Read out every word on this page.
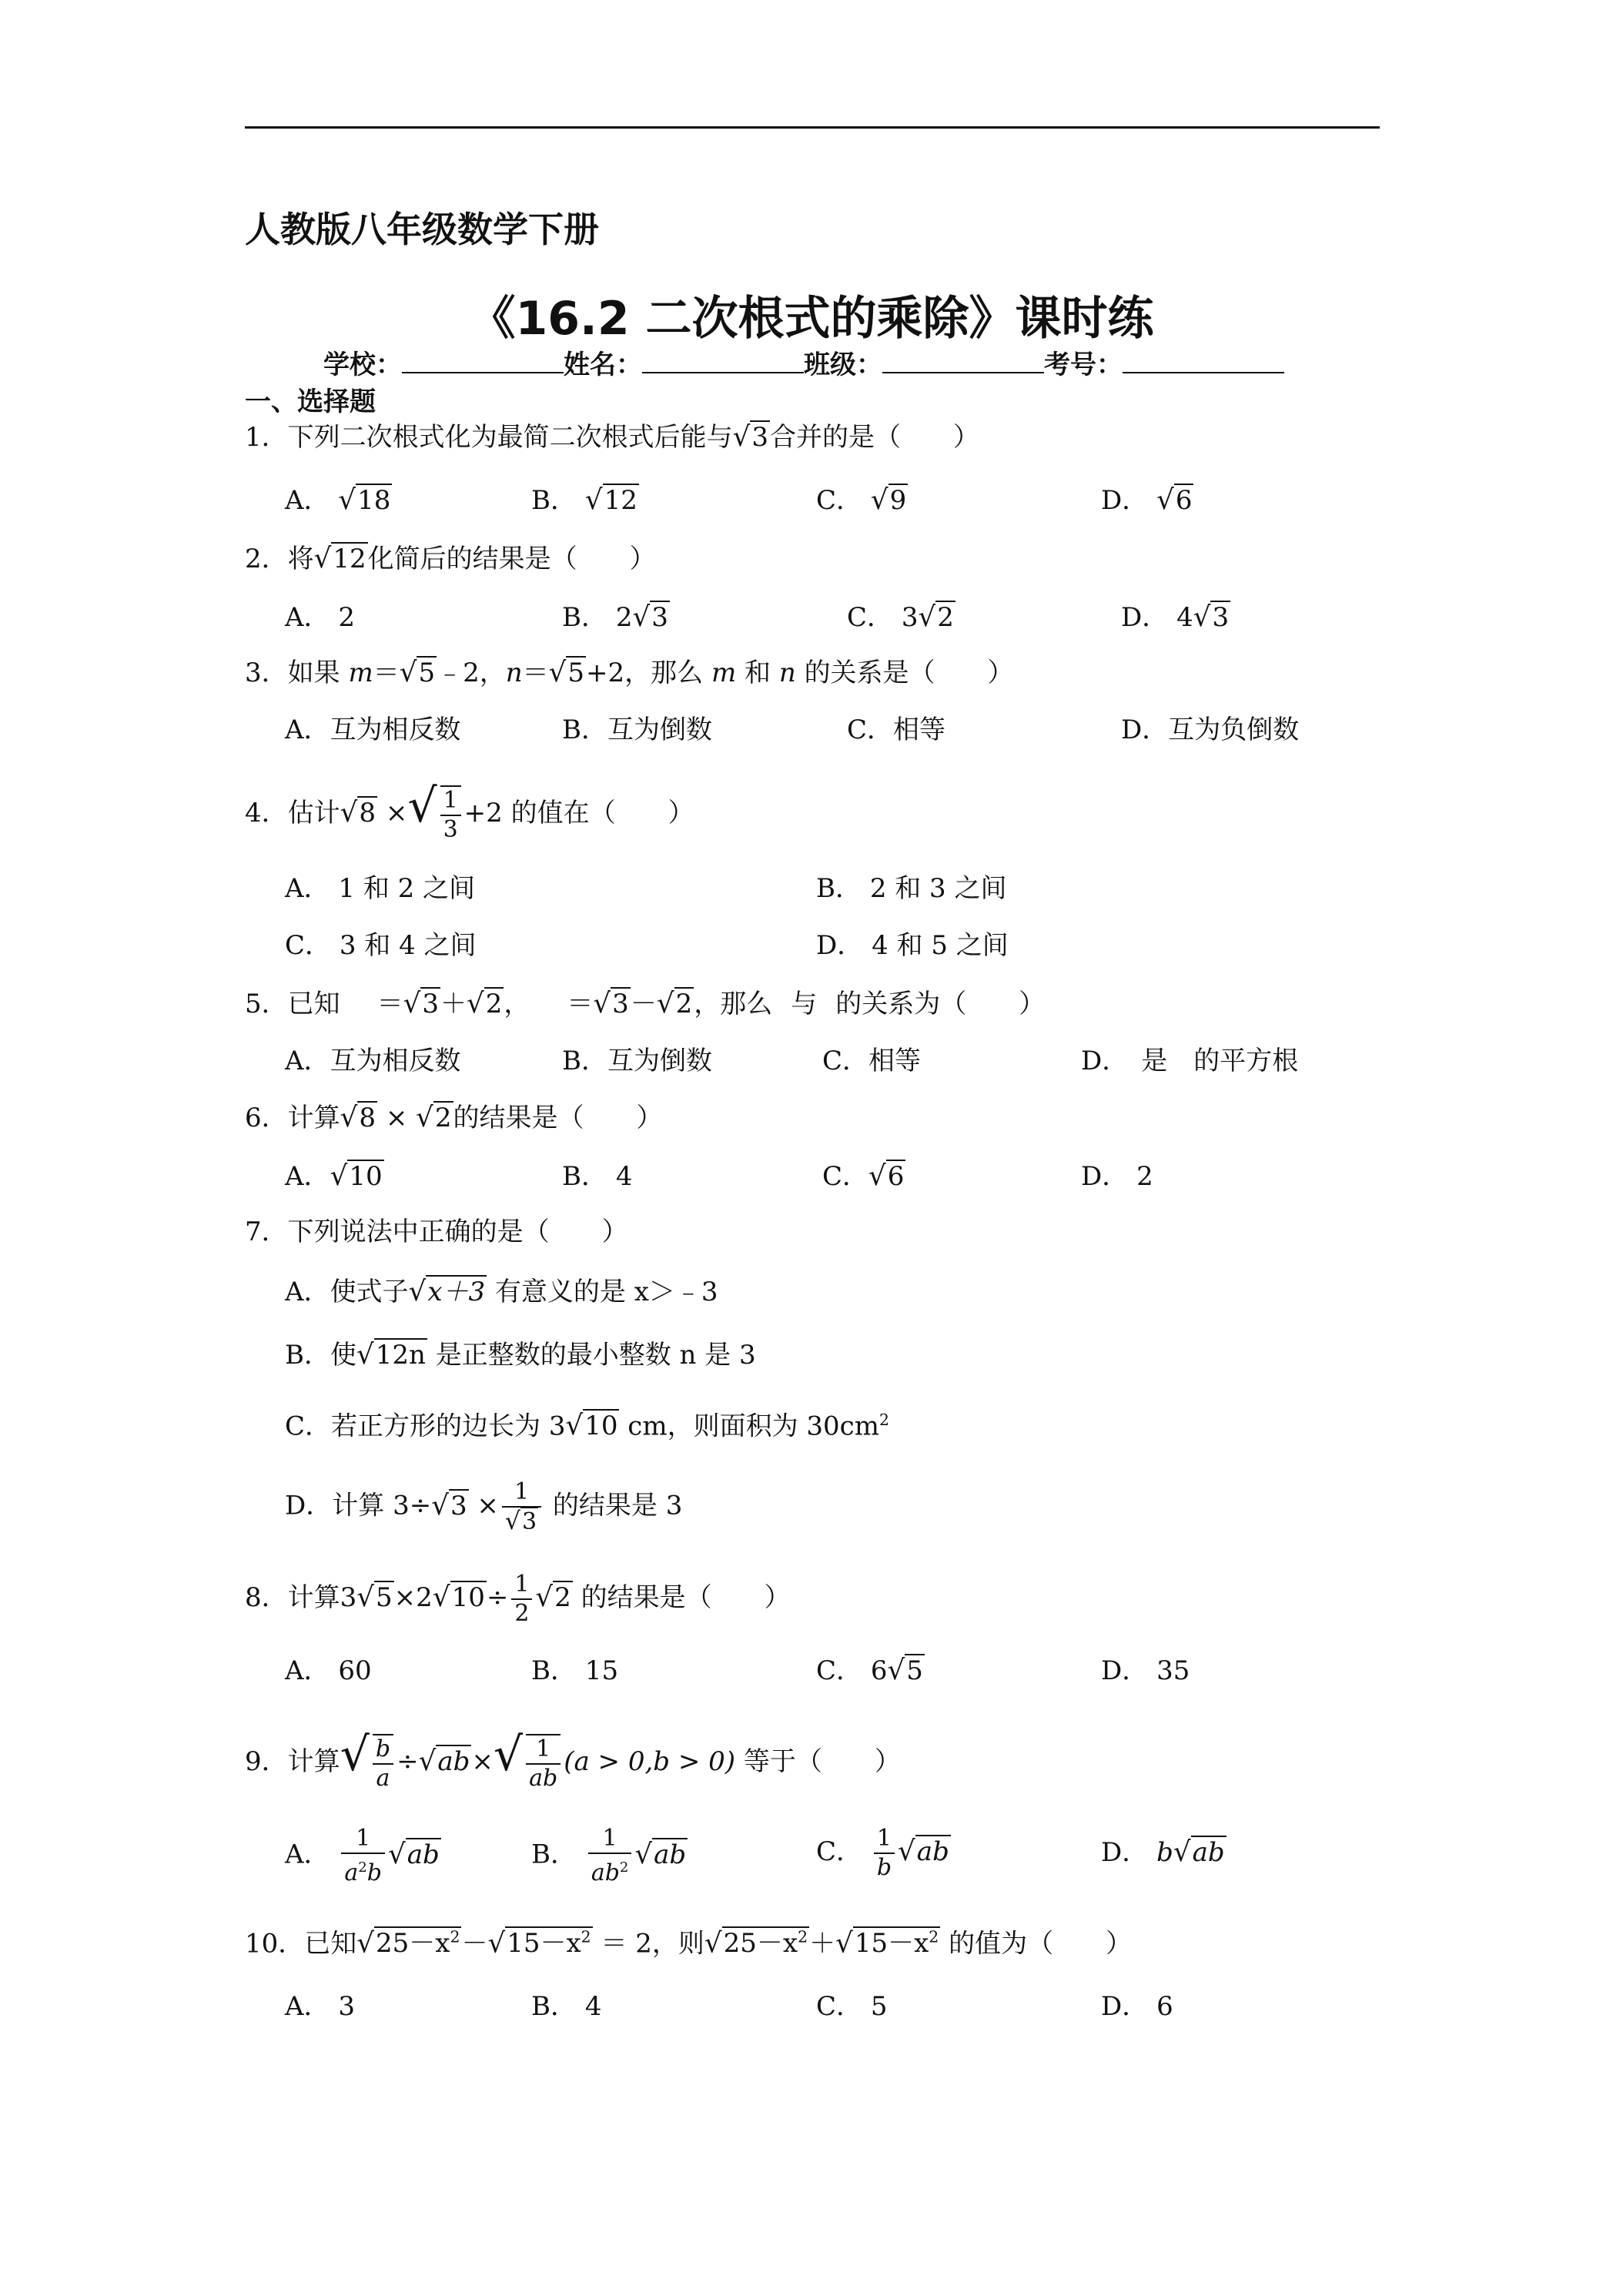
人教版八年级数学下册
《16.2 二次根式的乘除》课时练
学校：	姓名：	班级：	考号：
一、选择题
1．下列二次根式化为最简二次根式后能与√3合并的是（　　）
A． √18	B． √12	C． √9	D． √6
2．将√12化简后的结果是（　　）
A． 2	B． 2√3	C． 3√2	D． 4√3
3．如果 m＝√5﹣2，n＝√5+2，那么 m 和 n 的关系是（　　）
A．互为相反数	B．互为倒数	C．相等	D．互为负倒数
4．估计√8 ×√ $\frac{1}{3} +2$ 的值在（　　）
A． 1 和 2 之间	B． 2 和 3 之间
C． 3 和 4 之间	D． 4 和 5 之间
5．已知 ＝√3＋√2， ＝√3－√2，那么 与 的关系为（　　）
A．互为相反数	B．互为倒数	C．相等	D．　 是　的平方根
6．计算√8 × √2的结果是（　　）
A．√10	B． 4	C．√6	D． 2
7．下列说法中正确的是（　　）
A．使式子√x＋3 有意义的是 x＞﹣3
B．使√12n 是正整数的最小整数 n 是 3
C．若正方形的边长为 3√10 cm，则面积为 $30cm^2$
D．计算 $3\div√3 \times \frac{1}{√3}$ 的结果是 3
8．计算$3√5\times 2√10\div \frac{1}{2} √2$ 的结果是（　　）
A． 60	B． 15	C． 6√5	D． 35
9．计算√ $\frac{b}{a} \div√ab\times√ \frac{1}{ab} (a > 0,b > 0)$ 等于（　　）
A． $\frac{1}{a^2b} √ab$	B． $\frac{1}{ab^2} √ab$	C． $\frac{1}{b} √ab$	D． b√ab
10．已知$√25-x^2-√15-x^2 = 2$，则$√25-x^2+√15-x^2$ 的值为（　　）
A． 3	B． 4	C． 5	D． 6
